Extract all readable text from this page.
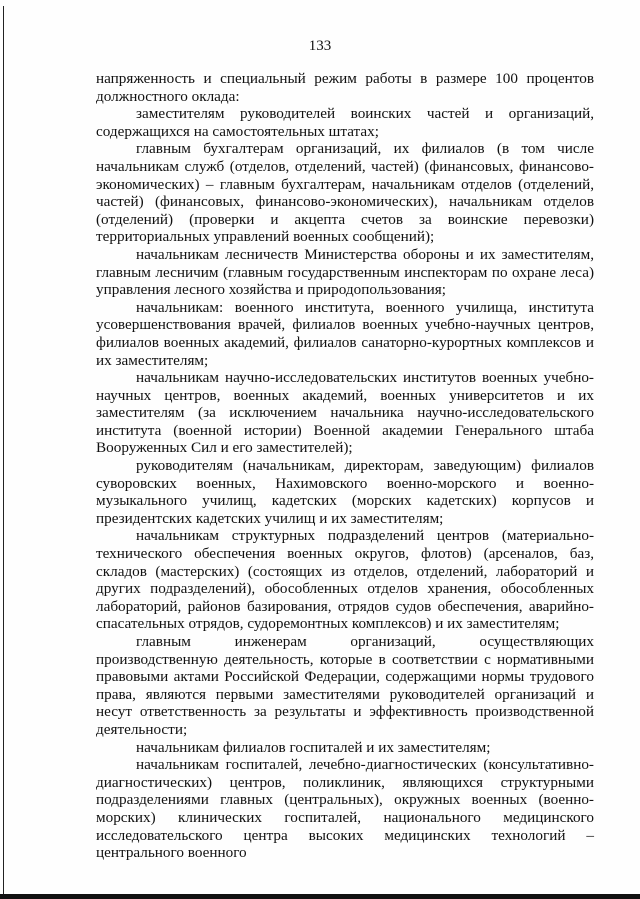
133

напряженность и специальный режим работы в размере 100 процентов должностного оклада:

заместителям руководителей воинских частей и организаций, содержащихся на самостоятельных штатах;

главным бухгалтерам организаций, их филиалов (в том числе начальникам служб (отделов, отделений, частей) (финансовых, финансово-экономических) – главным бухгалтерам, начальникам отделов (отделений, частей) (финансовых, финансово-экономических), начальникам отделов (отделений) (проверки и акцепта счетов за воинские перевозки) территориальных управлений военных сообщений);

начальникам лесничеств Министерства обороны и их заместителям, главным лесничим (главным государственным инспекторам по охране леса) управления лесного хозяйства и природопользования;

начальникам: военного института, военного училища, института усовершенствования врачей, филиалов военных учебно-научных центров, филиалов военных академий, филиалов санаторно-курортных комплексов и их заместителям;

начальникам научно-исследовательских институтов военных учебно-научных центров, военных академий, военных университетов и их заместителям (за исключением начальника научно-исследовательского института (военной истории) Военной академии Генерального штаба Вооруженных Сил и его заместителей);

руководителям (начальникам, директорам, заведующим) филиалов суворовских военных, Нахимовского военно-морского и военно-музыкального училищ, кадетских (морских кадетских) корпусов и президентских кадетских училищ и их заместителям;

начальникам структурных подразделений центров (материально-технического обеспечения военных округов, флотов) (арсеналов, баз, складов (мастерских) (состоящих из отделов, отделений, лабораторий и других подразделений), обособленных отделов хранения, обособленных лабораторий, районов базирования, отрядов судов обеспечения, аварийно-спасательных отрядов, судоремонтных комплексов) и их заместителям;

главным инженерам организаций, осуществляющих производственную деятельность, которые в соответствии с нормативными правовыми актами Российской Федерации, содержащими нормы трудового права, являются первыми заместителями руководителей организаций и несут ответственность за результаты и эффективность производственной деятельности;

начальникам филиалов госпиталей и их заместителям;

начальникам госпиталей, лечебно-диагностических (консультативно-диагностических) центров, поликлиник, являющихся структурными подразделениями главных (центральных), окружных военных (военно-морских) клинических госпиталей, национального медицинского исследовательского центра высоких медицинских технологий – центрального военного
